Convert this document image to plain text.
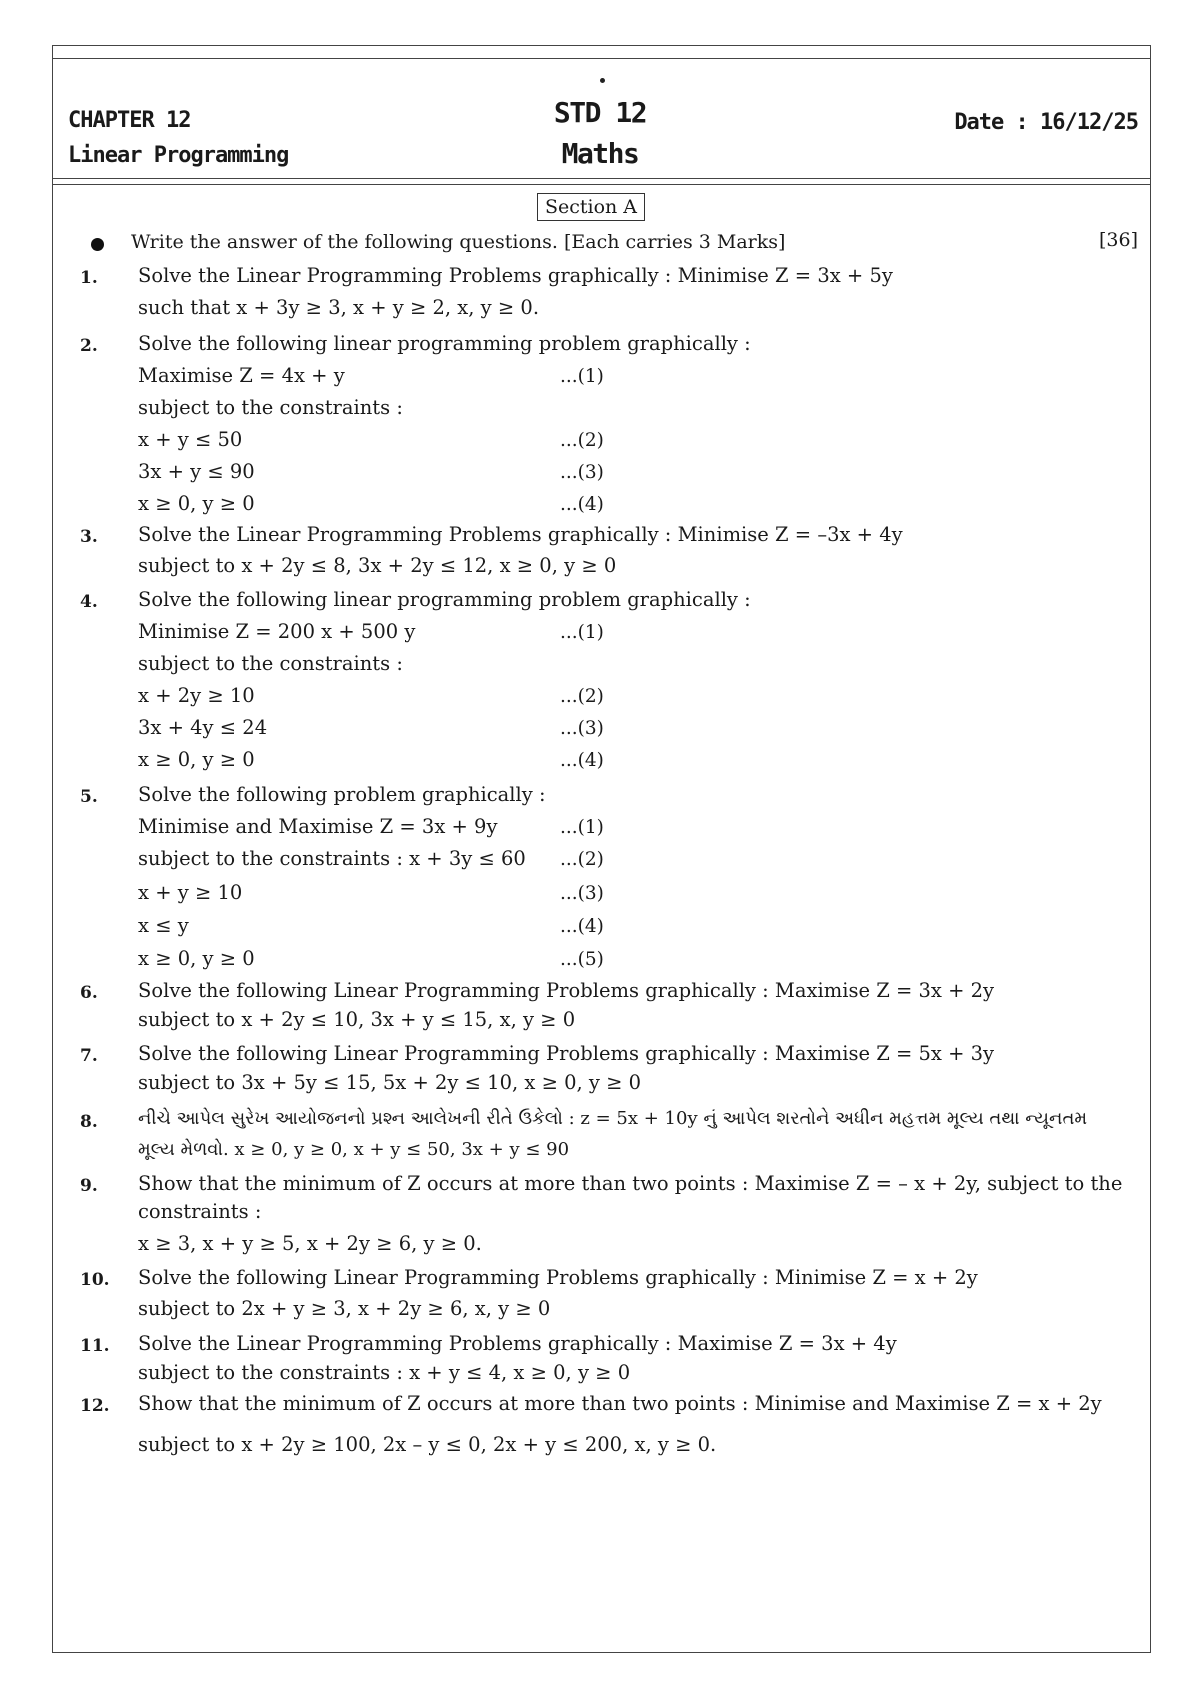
CHAPTER 12
Linear Programming
STD 12
Maths
Date : 16/12/25
Section A
Write the answer of the following questions. [Each carries 3 Marks]	[36]
1. Solve the Linear Programming Problems graphically : Minimise Z = 3x + 5y
such that x + 3y ≥ 3, x + y ≥ 2, x, y ≥ 0.
2. Solve the following linear programming problem graphically :
Maximise Z = 4x + y	...(1)
subject to the constraints :
x + y ≤ 50	...(2)
3x + y ≤ 90	...(3)
x ≥ 0, y ≥ 0	...(4)
3. Solve the Linear Programming Problems graphically : Minimise Z = –3x + 4y
subject to x + 2y ≤ 8, 3x + 2y ≤ 12, x ≥ 0, y ≥ 0
4. Solve the following linear programming problem graphically :
Minimise Z = 200 x + 500 y	...(1)
subject to the constraints :
x + 2y ≥ 10	...(2)
3x + 4y ≤ 24	...(3)
x ≥ 0, y ≥ 0	...(4)
5. Solve the following problem graphically :
Minimise and Maximise Z = 3x + 9y	...(1)
subject to the constraints : x + 3y ≤ 60 ...(2)
x + y ≥ 10	...(3)
x ≤ y	...(4)
x ≥ 0, y ≥ 0	...(5)
6. Solve the following Linear Programming Problems graphically : Maximise Z = 3x + 2y
subject to x + 2y ≤ 10, 3x + y ≤ 15, x, y ≥ 0
7. Solve the following Linear Programming Problems graphically : Maximise Z = 5x + 3y
subject to 3x + 5y ≤ 15, 5x + 2y ≤ 10, x ≥ 0, y ≥ 0
8. નીચે આપેલ સુરેખ આયોજનનો પ્રશ્ન આલેખની રીતે ઉકેલો : z = 5x + 10y નું આપેલ શરતોને અધીન મહત્તમ મૂલ્ય તથા ન્યૂનતમ
મૂલ્ય મેળવો. x ≥ 0, y ≥ 0, x + y ≤ 50, 3x + y ≤ 90
9. Show that the minimum of Z occurs at more than two points : Maximise Z = – x + 2y, subject to the
constraints :
x ≥ 3, x + y ≥ 5, x + 2y ≥ 6, y ≥ 0.
10. Solve the following Linear Programming Problems graphically : Minimise Z = x + 2y
subject to 2x + y ≥ 3, x + 2y ≥ 6, x, y ≥ 0
11. Solve the Linear Programming Problems graphically : Maximise Z = 3x + 4y
subject to the constraints : x + y ≤ 4, x ≥ 0, y ≥ 0
12. Show that the minimum of Z occurs at more than two points : Minimise and Maximise Z = x + 2y
subject to x + 2y ≥ 100, 2x – y ≤ 0, 2x + y ≤ 200, x, y ≥ 0.
